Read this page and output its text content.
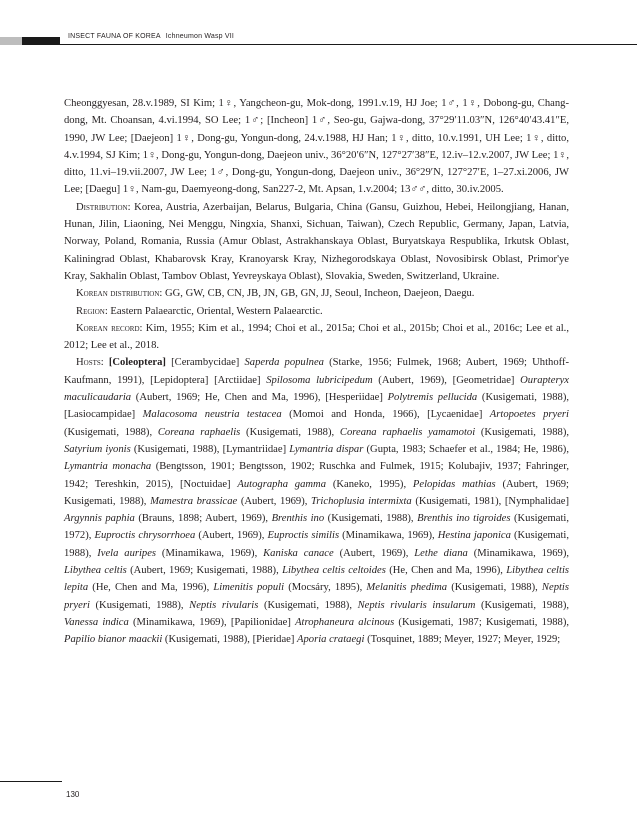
INSECT FAUNA OF KOREA Ichneumon Wasp VII

Cheonggyesan, 28.v.1989, SI Kim; 1♀, Yangcheon-gu, Mok-dong, 1991.v.19, HJ Joe; 1♂, 1♀, Dobong-gu, Chang-dong, Mt. Choansan, 4.vi.1994, SO Lee; 1♂; [Incheon] 1♂, Seo-gu, Gajwa-dong, 37°29′11.03″N, 126°40′43.41″E, 1990, JW Lee; [Daejeon] 1♀, Dong-gu, Yongun-dong, 24.v.1988, HJ Han; 1♀, ditto, 10.v.1991, UH Lee; 1♀, ditto, 4.v.1994, SJ Kim; 1♀, Dong-gu, Yongun-dong, Daejeon univ., 36°20′6″N, 127°27′38″E, 12.iv–12.v.2007, JW Lee; 1♀, ditto, 11.vi–19.vii.2007, JW Lee; 1♂, Dong-gu, Yongun-dong, Daejeon univ., 36°29′N, 127°27′E, 1–27.xi.2006, JW Lee; [Daegu] 1♀, Nam-gu, Daemyeong-dong, San227-2, Mt. Apsan, 1.v.2004; 13♂♂, ditto, 30.iv.2005.

Distribution: Korea, Austria, Azerbaijan, Belarus, Bulgaria, China (Gansu, Guizhou, Hebei, Heilongjiang, Hanan, Hunan, Jilin, Liaoning, Nei Menggu, Ningxia, Shanxi, Sichuan, Taiwan), Czech Republic, Germany, Japan, Latvia, Norway, Poland, Romania, Russia (Amur Oblast, Astrakhanskaya Oblast, Buryatskaya Respublika, Irkutsk Oblast, Kaliningrad Oblast, Khabarovsk Kray, Kranoyarsk Kray, Nizhegorodskaya Oblast, Novosibirsk Oblast, Primor'ye Kray, Sakhalin Oblast, Tambov Oblast, Yevreyskaya Oblast), Slovakia, Sweden, Switzerland, Ukraine.

Korean distribution: GG, GW, CB, CN, JB, JN, GB, GN, JJ, Seoul, Incheon, Daejeon, Daegu.

Region: Eastern Palaearctic, Oriental, Western Palaearctic.

Korean record: Kim, 1955; Kim et al., 1994; Choi et al., 2015a; Choi et al., 2015b; Choi et al., 2016c; Lee et al., 2012; Lee et al., 2018.

Hosts: [Coleoptera] [Cerambycidae] Saperda populnea (Starke, 1956; Fulmek, 1968; Aubert, 1969; Uhthoff-Kaufmann, 1991), [Lepidoptera] [Arctiidae] Spilosoma lubricipedum (Aubert, 1969), [Geometridae] Ourapteryx maculicaudaria (Aubert, 1969; He, Chen and Ma, 1996), [Hesperiidae] Polytremis pellucida (Kusigemati, 1988), [Lasiocampidae] Malacosoma neustria testacea (Momoi and Honda, 1966), [Lycaenidae] Artopoetes pryeri (Kusigemati, 1988), Coreana raphaelis (Kusigemati, 1988), Coreana raphaelis yamamotoi (Kusigemati, 1988), Satyrium iyonis (Kusigemati, 1988), [Lymantriidae] Lymantria dispar (Gupta, 1983; Schaefer et al., 1984; He, 1986), Lymantria monacha (Bengtsson, 1901; Bengtsson, 1902; Ruschka and Fulmek, 1915; Kolubajiv, 1937; Fahringer, 1942; Tereshkin, 2015), [Noctuidae] Autographa gamma (Kaneko, 1995), Pelopidas mathias (Aubert, 1969; Kusigemati, 1988), Mamestra brassicae (Aubert, 1969), Trichoplusia intermixta (Kusigemati, 1981), [Nymphalidae] Argynnis paphia (Brauns, 1898; Aubert, 1969), Brenthis ino (Kusigemati, 1988), Brenthis ino tigroides (Kusigemati, 1972), Euproctis chrysorrhoea (Aubert, 1969), Euproctis similis (Minamikawa, 1969), Hestina japonica (Kusigemati, 1988), Ivela auripes (Minamikawa, 1969), Kaniska canace (Aubert, 1969), Lethe diana (Minamikawa, 1969), Libythea celtis (Aubert, 1969; Kusigemati, 1988), Libythea celtis celtoides (He, Chen and Ma, 1996), Libythea celtis lepita (He, Chen and Ma, 1996), Limenitis populi (Mocsáry, 1895), Melanitis phedima (Kusigemati, 1988), Neptis pryeri (Kusigemati, 1988), Neptis rivularis (Kusigemati, 1988), Neptis rivularis insularum (Kusigemati, 1988), Vanessa indica (Minamikawa, 1969), [Papilionidae] Atrophaneura alcinous (Kusigemati, 1987; Kusigemati, 1988), Papilio bianor maackii (Kusigemati, 1988), [Pieridae] Aporia crataegi (Tosquinet, 1889; Meyer, 1927; Meyer, 1929;

130
